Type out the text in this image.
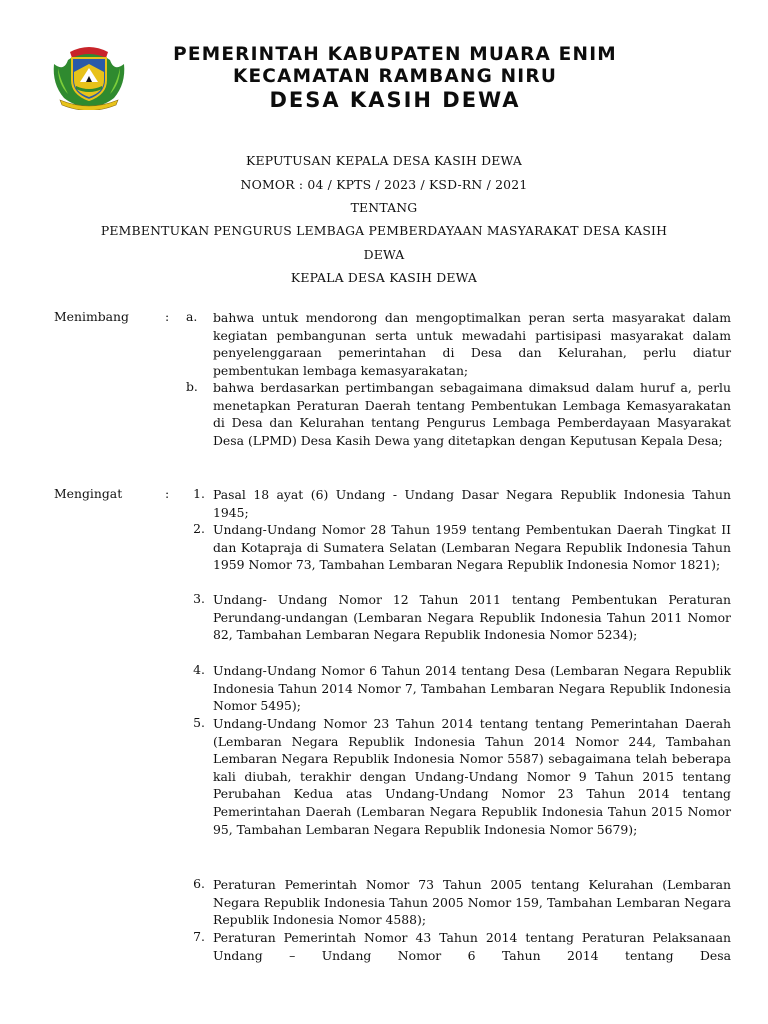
PEMERINTAH KABUPATEN MUARA ENIM
KECAMATAN RAMBANG NIRU
DESA KASIH DEWA
KEPUTUSAN KEPALA DESA KASIH DEWA
NOMOR : 04 / KPTS / 2023 / KSD-RN / 2021
TENTANG
PEMBENTUKAN PENGURUS LEMBAGA PEMBERDAYAAN MASYARAKAT DESA KASIH
DEWA
KEPALA DESA KASIH DEWA
Menimbang	: a.	bahwa untuk mendorong dan mengoptimalkan peran serta masyarakat dalam kegiatan pembangunan serta untuk mewadahi partisipasi masyarakat dalam penyelenggaraan pemerintahan di Desa dan Kelurahan, perlu diatur pembentukan lembaga kemasyarakatan;
b.	bahwa berdasarkan pertimbangan sebagaimana dimaksud dalam huruf a, perlu menetapkan Peraturan Daerah tentang Pembentukan Lembaga Kemasyarakatan di Desa dan Kelurahan tentang Pengurus Lembaga Pemberdayaan Masyarakat Desa (LPMD) Desa Kasih Dewa yang ditetapkan dengan Keputusan Kepala Desa;
Mengingat	:	1. Pasal 18 ayat (6) Undang - Undang Dasar Negara Republik Indonesia Tahun 1945;
2. Undang-Undang Nomor 28 Tahun 1959 tentang Pembentukan Daerah Tingkat II dan Kotapraja di Sumatera Selatan (Lembaran Negara Republik Indonesia Tahun 1959 Nomor 73, Tambahan Lembaran Negara Republik Indonesia Nomor 1821);
3. Undang- Undang Nomor 12 Tahun 2011 tentang Pembentukan Peraturan Perundang-undangan (Lembaran Negara Republik Indonesia Tahun 2011 Nomor 82, Tambahan Lembaran Negara Republik Indonesia Nomor 5234);
4. Undang-Undang Nomor 6 Tahun 2014 tentang Desa (Lembaran Negara Republik Indonesia Tahun 2014 Nomor 7, Tambahan Lembaran Negara Republik Indonesia Nomor 5495);
5. Undang-Undang Nomor 23 Tahun 2014 tentang tentang Pemerintahan Daerah (Lembaran Negara Republik Indonesia Tahun 2014 Nomor 244, Tambahan Lembaran Negara Republik Indonesia Nomor 5587) sebagaimana telah beberapa kali diubah, terakhir dengan Undang-Undang Nomor 9 Tahun 2015 tentang Perubahan Kedua atas Undang-Undang Nomor 23 Tahun 2014 tentang Pemerintahan Daerah (Lembaran Negara Republik Indonesia Tahun 2015 Nomor 95, Tambahan Lembaran Negara Republik Indonesia Nomor 5679);
6. Peraturan Pemerintah Nomor 73 Tahun 2005 tentang Kelurahan (Lembaran Negara Republik Indonesia Tahun 2005 Nomor 159, Tambahan Lembaran Negara Republik Indonesia Nomor 4588);
7. Peraturan Pemerintah Nomor 43 Tahun 2014 tentang Peraturan Pelaksanaan Undang – Undang Nomor 6 Tahun 2014 tentang Desa
